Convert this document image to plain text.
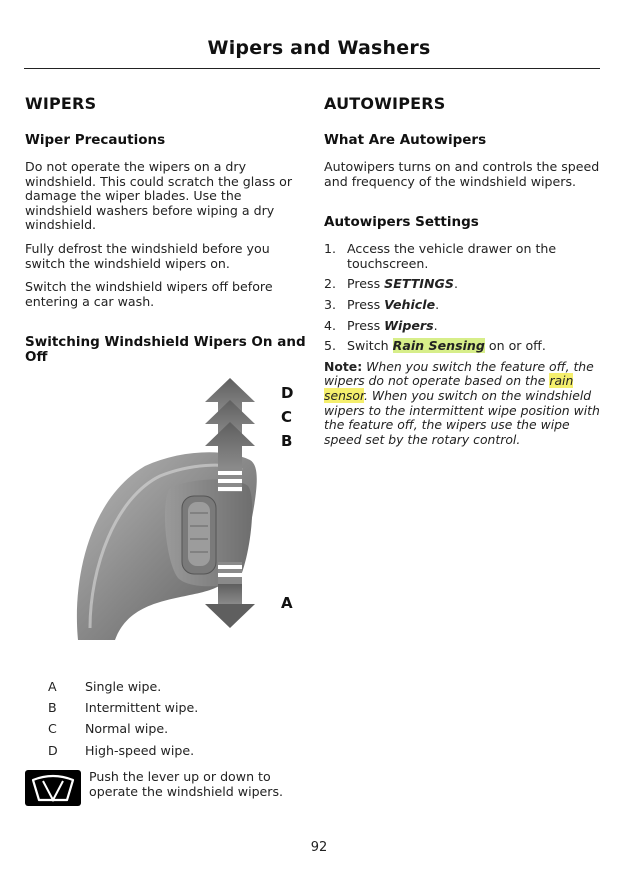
Wipers and Washers
WIPERS
Wiper Precautions

Do not operate the wipers on a dry windshield. This could scratch the glass or damage the wiper blades. Use the windshield washers before wiping a dry windshield.

Fully defrost the windshield before you switch the windshield wipers on.

Switch the windshield wipers off before entering a car wash.

Switching Windshield Wipers On and Off
D
C
B
A
A	Single wipe.
B	Intermittent wipe.
C	Normal wipe.
D	High-speed wipe.
Push the lever up or down to operate the windshield wipers.
AUTOWIPERS
What Are Autowipers

Autowipers turns on and controls the speed and frequency of the windshield wipers.

Autowipers Settings
1. Access the vehicle drawer on the touchscreen.
2. Press SETTINGS.
3. Press Vehicle.
4. Press Wipers.
5. Switch Rain Sensing on or off.
Note: When you switch the feature off, the wipers do not operate based on the rain sensor. When you switch on the windshield wipers to the intermittent wipe position with the feature off, the wipers use the wipe speed set by the rotary control.
92
